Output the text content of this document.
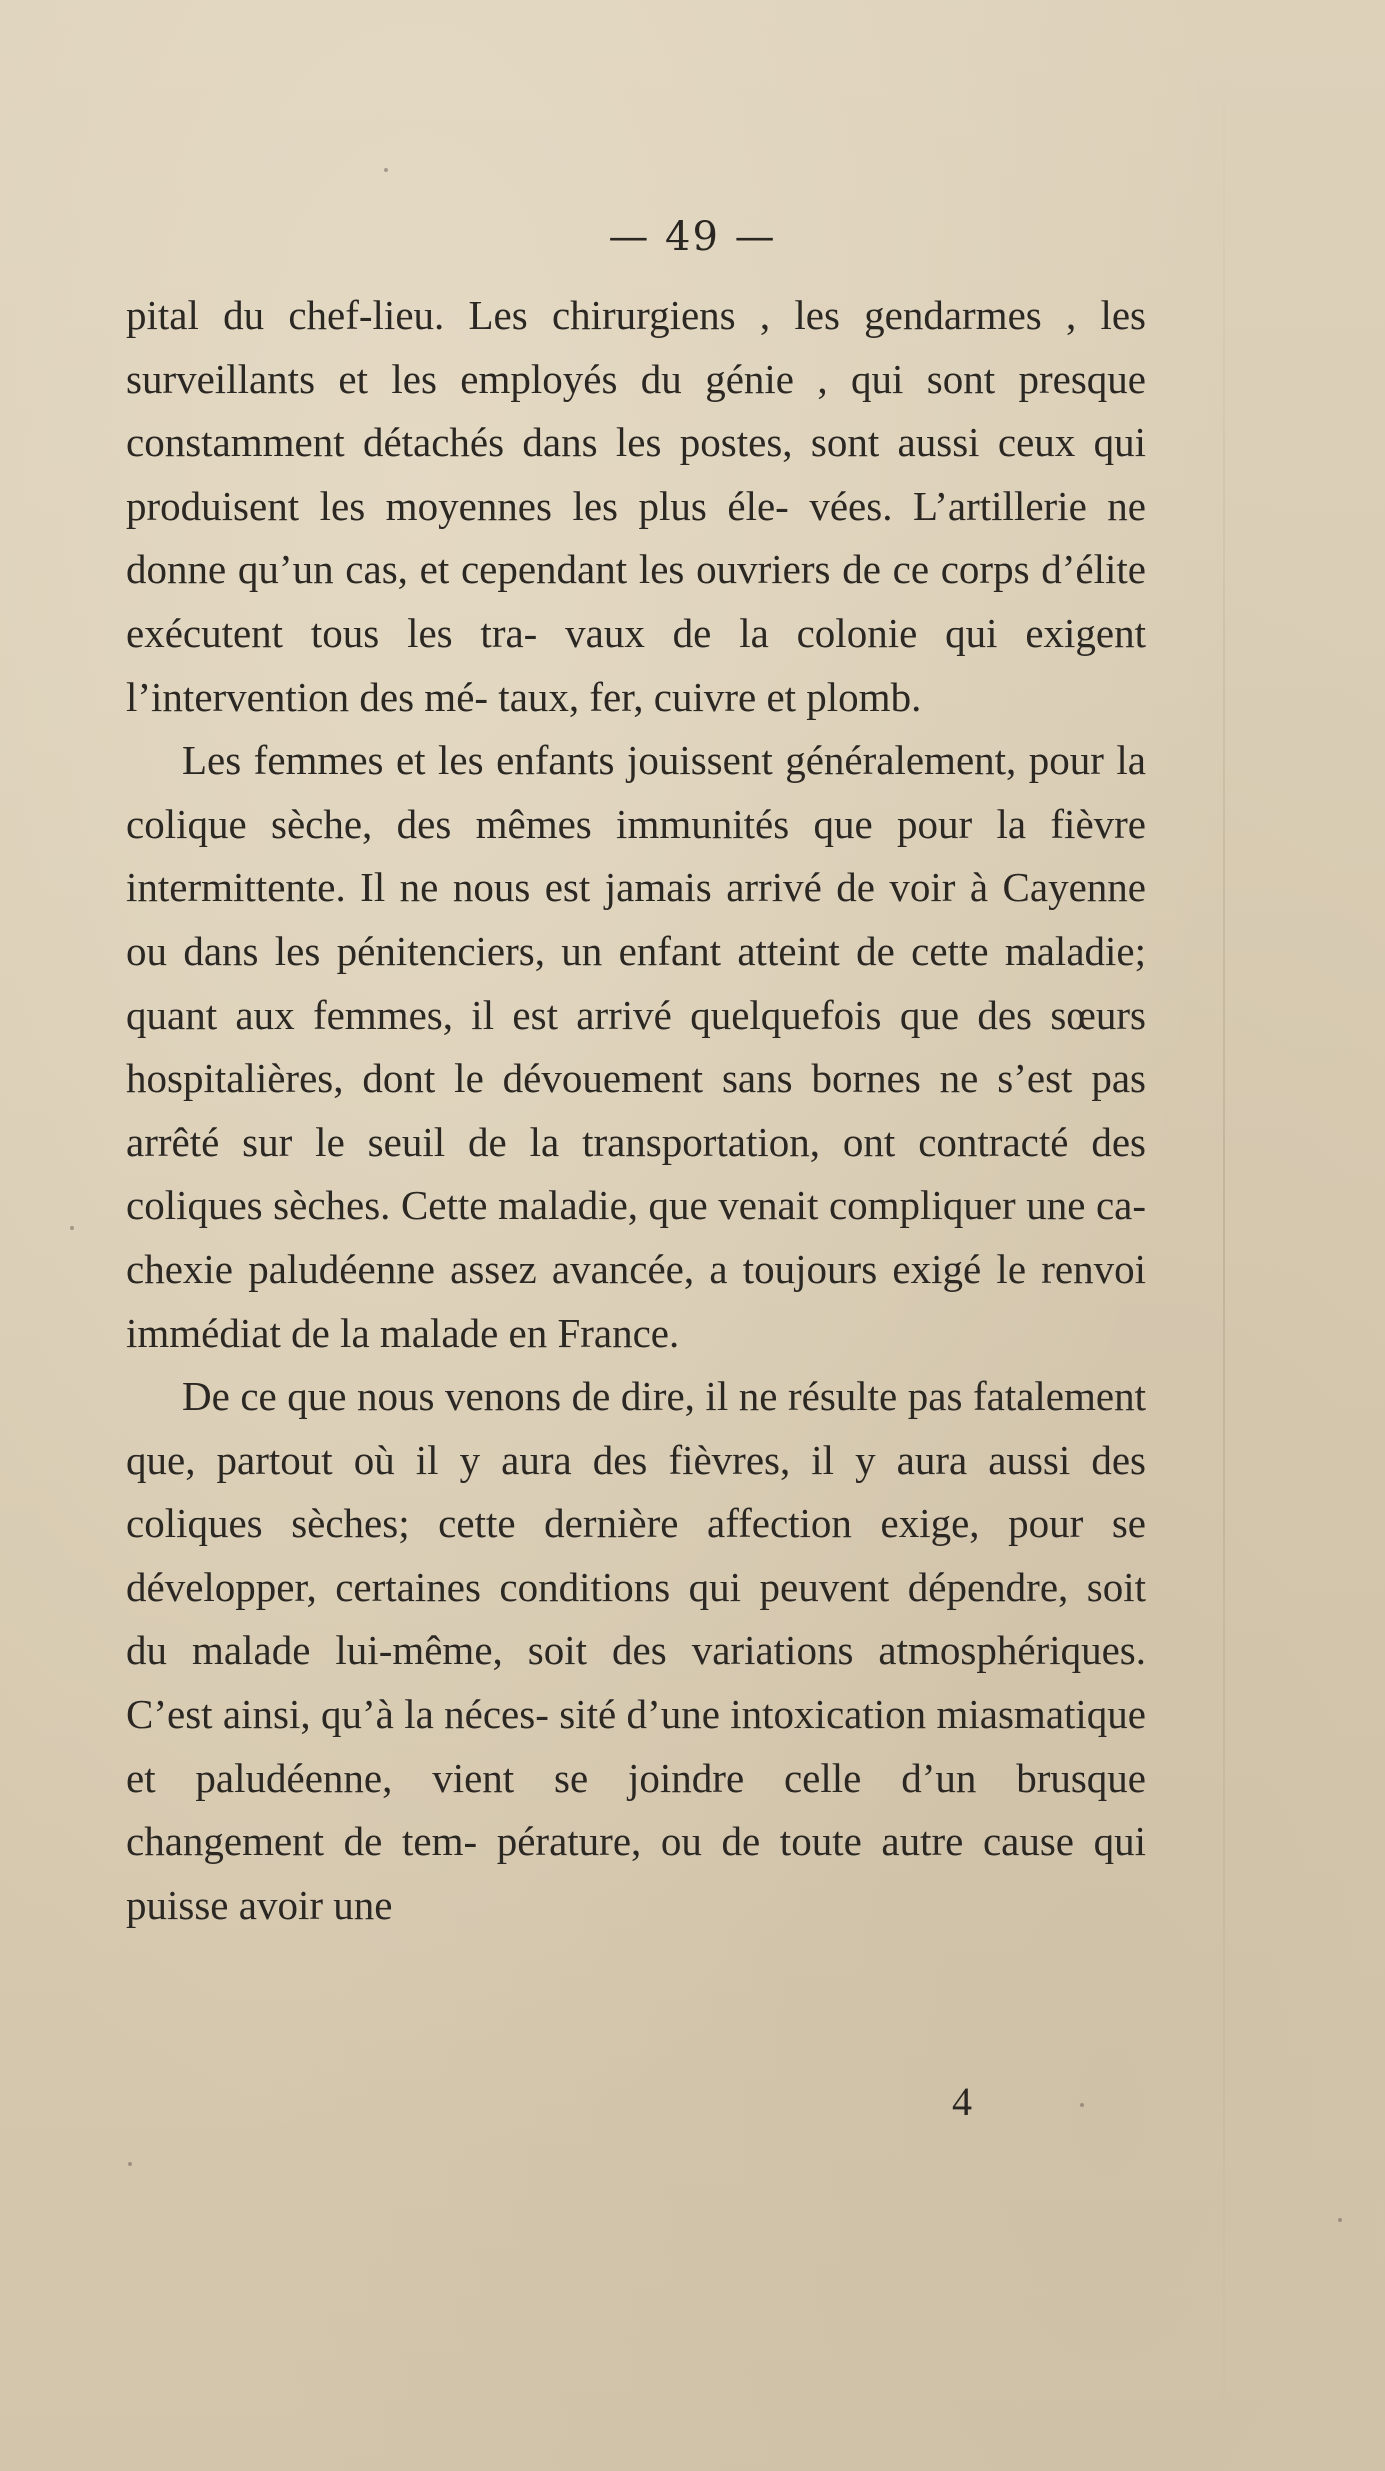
— 49 —

pital du chef-lieu. Les chirurgiens , les gendarmes , les surveillants et les employés du génie , qui sont presque constamment détachés dans les postes, sont aussi ceux qui produisent les moyennes les plus éle- vées. L’artillerie ne donne qu’un cas, et cependant les ouvriers de ce corps d’élite exécutent tous les tra- vaux de la colonie qui exigent l’intervention des mé- taux, fer, cuivre et plomb.

Les femmes et les enfants jouissent généralement, pour la colique sèche, des mêmes immunités que pour la fièvre intermittente. Il ne nous est jamais arrivé de voir à Cayenne ou dans les pénitenciers, un enfant atteint de cette maladie; quant aux femmes, il est arrivé quelquefois que des sœurs hospitalières, dont le dévouement sans bornes ne s’est pas arrêté sur le seuil de la transportation, ont contracté des coliques sèches. Cette maladie, que venait compliquer une ca- chexie paludéenne assez avancée, a toujours exigé le renvoi immédiat de la malade en France.

De ce que nous venons de dire, il ne résulte pas fatalement que, partout où il y aura des fièvres, il y aura aussi des coliques sèches; cette dernière affection exige, pour se développer, certaines conditions qui peuvent dépendre, soit du malade lui-même, soit des variations atmosphériques. C’est ainsi, qu’à la néces- sité d’une intoxication miasmatique et paludéenne, vient se joindre celle d’un brusque changement de tem- pérature, ou de toute autre cause qui puisse avoir une

4
